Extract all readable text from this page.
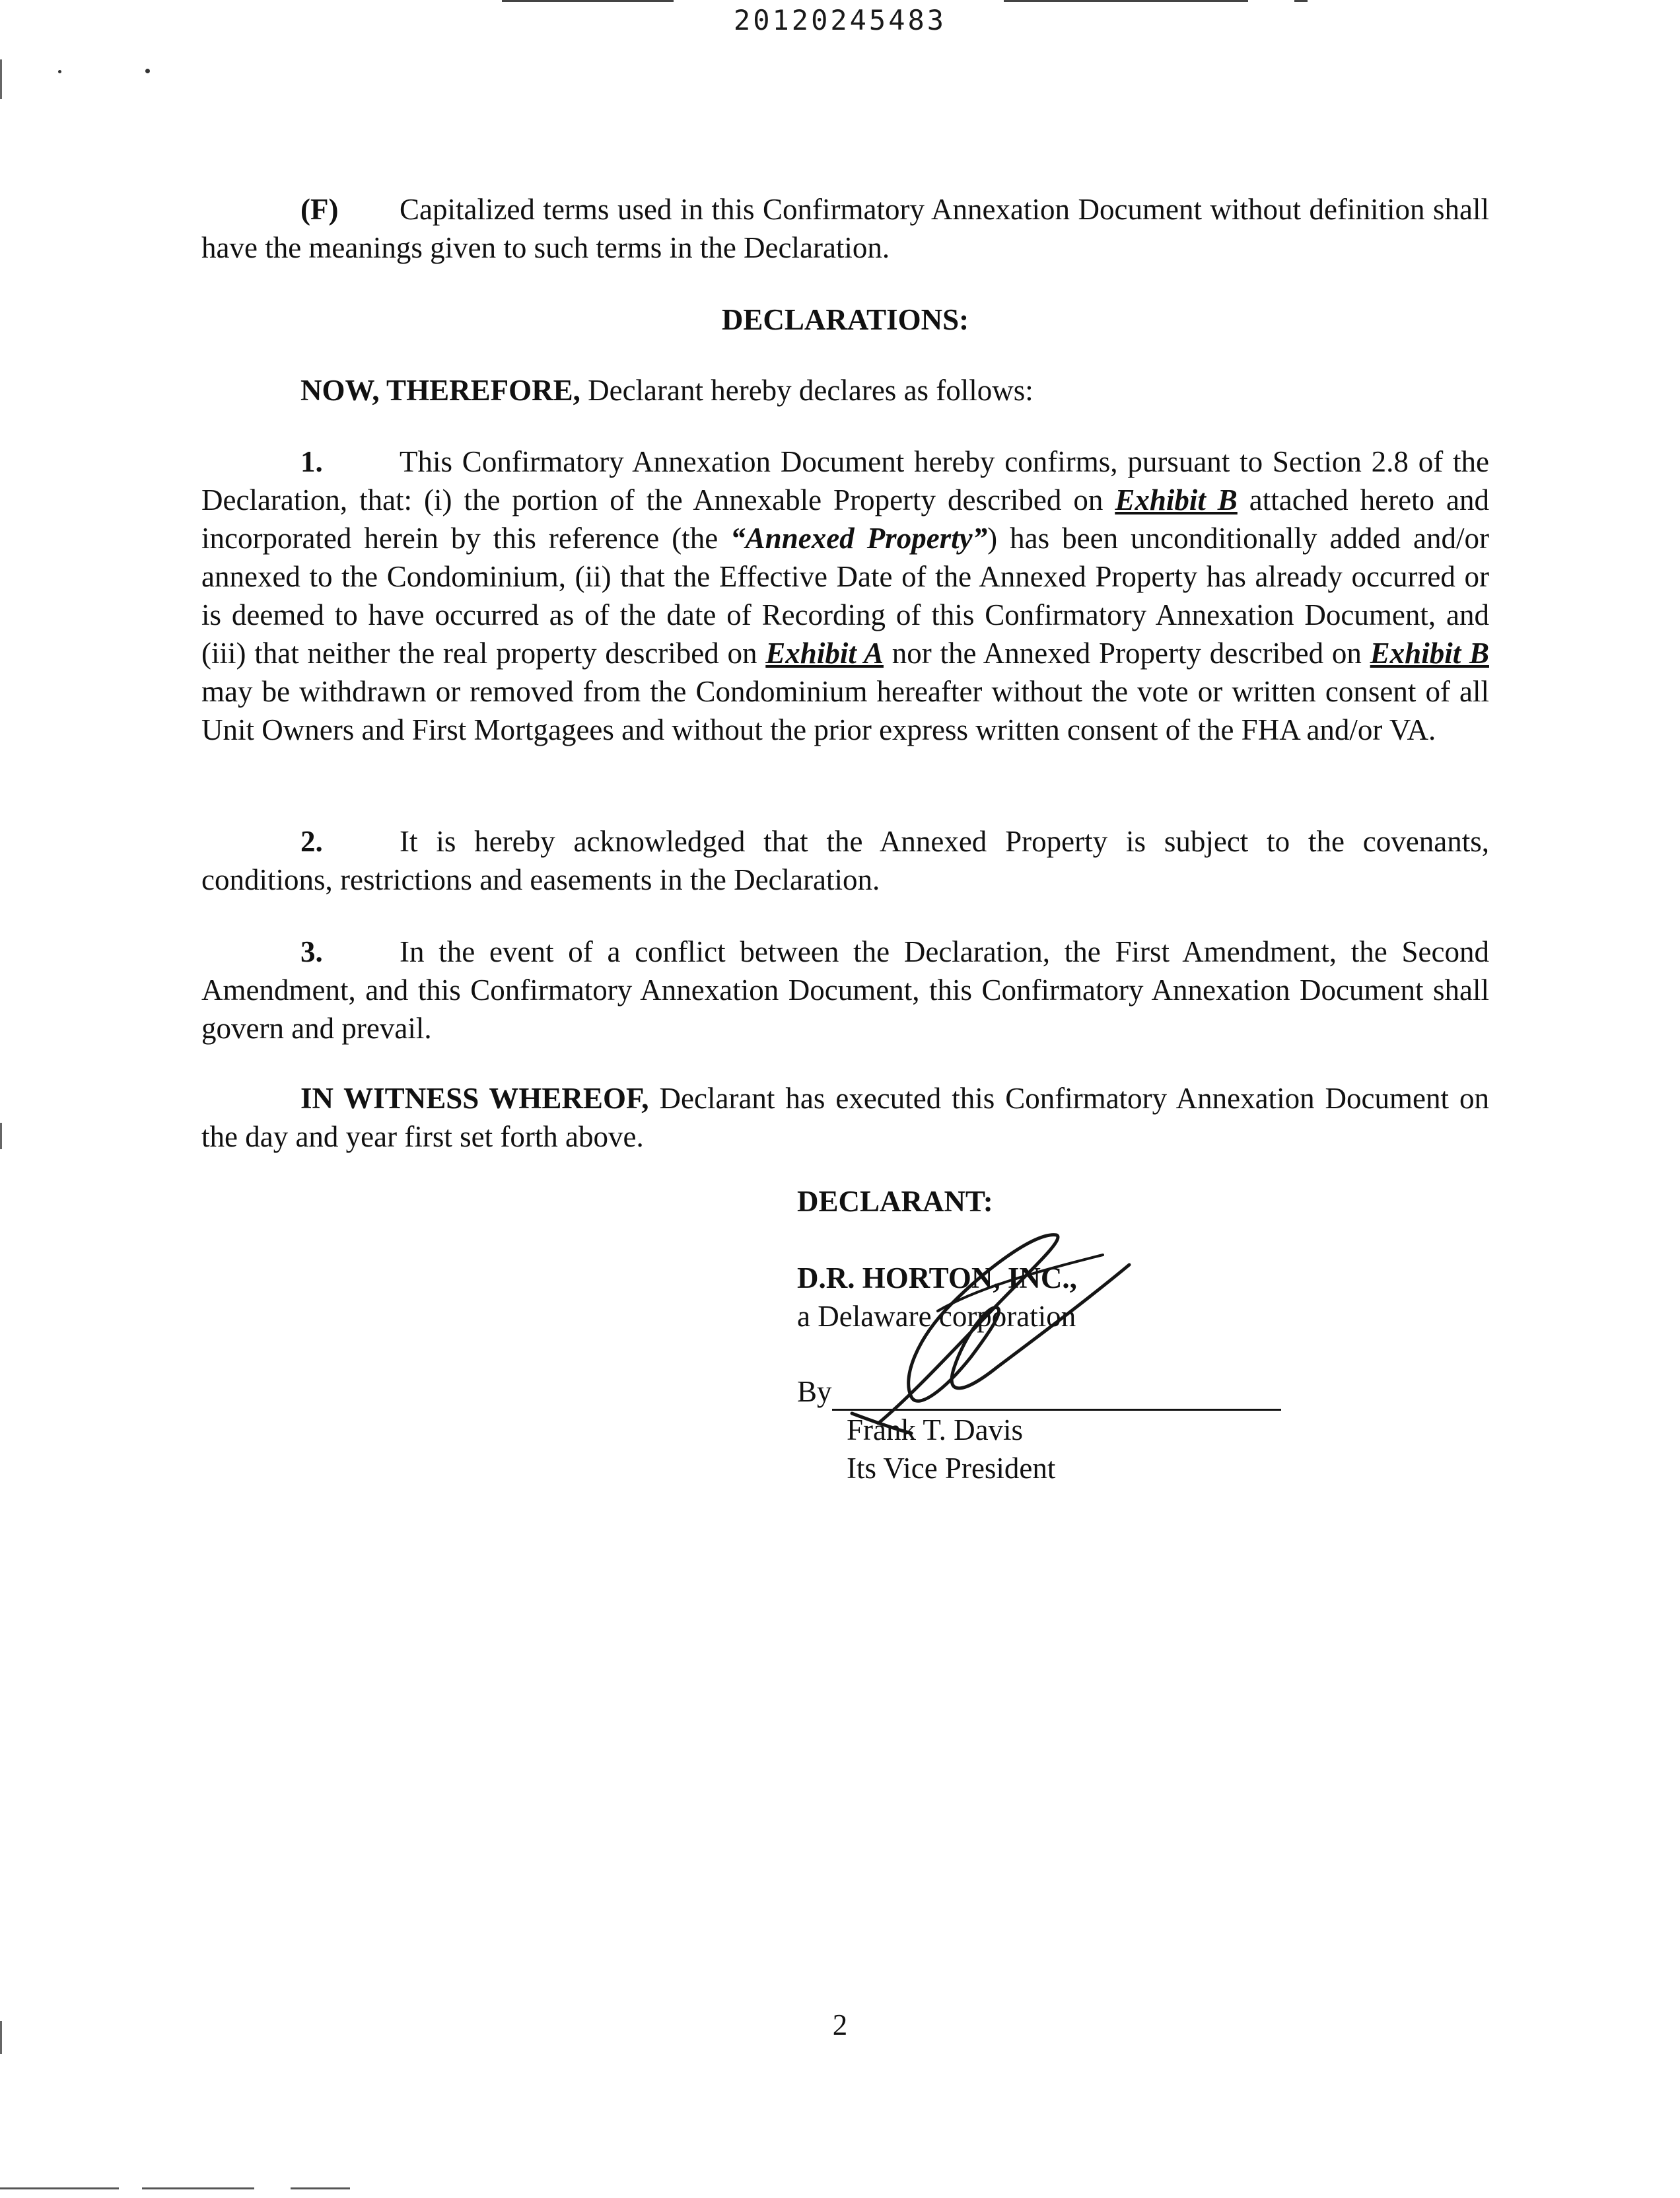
20120245483

(F) Capitalized terms used in this Confirmatory Annexation Document without definition shall have the meanings given to such terms in the Declaration.

DECLARATIONS:

NOW, THEREFORE, Declarant hereby declares as follows:

1.	This Confirmatory Annexation Document hereby confirms, pursuant to Section 2.8 of the Declaration, that: (i) the portion of the Annexable Property described on Exhibit B attached hereto and incorporated herein by this reference (the “Annexed Property”) has been unconditionally added and/or annexed to the Condominium, (ii) that the Effective Date of the Annexed Property has already occurred or is deemed to have occurred as of the date of Recording of this Confirmatory Annexation Document, and (iii) that neither the real property described on Exhibit A nor the Annexed Property described on Exhibit B may be withdrawn or removed from the Condominium hereafter without the vote or written consent of all Unit Owners and First Mortgagees and without the prior express written consent of the FHA and/or VA.

2.	It is hereby acknowledged that the Annexed Property is subject to the covenants, conditions, restrictions and easements in the Declaration.

3.	In the event of a conflict between the Declaration, the First Amendment, the Second Amendment, and this Confirmatory Annexation Document, this Confirmatory Annexation Document shall govern and prevail.

IN WITNESS WHEREOF, Declarant has executed this Confirmatory Annexation Document on the day and year first set forth above.

DECLARANT:
D.R. HORTON, INC.,
a Delaware corporation
By
Frank T. Davis
Its Vice President
2
